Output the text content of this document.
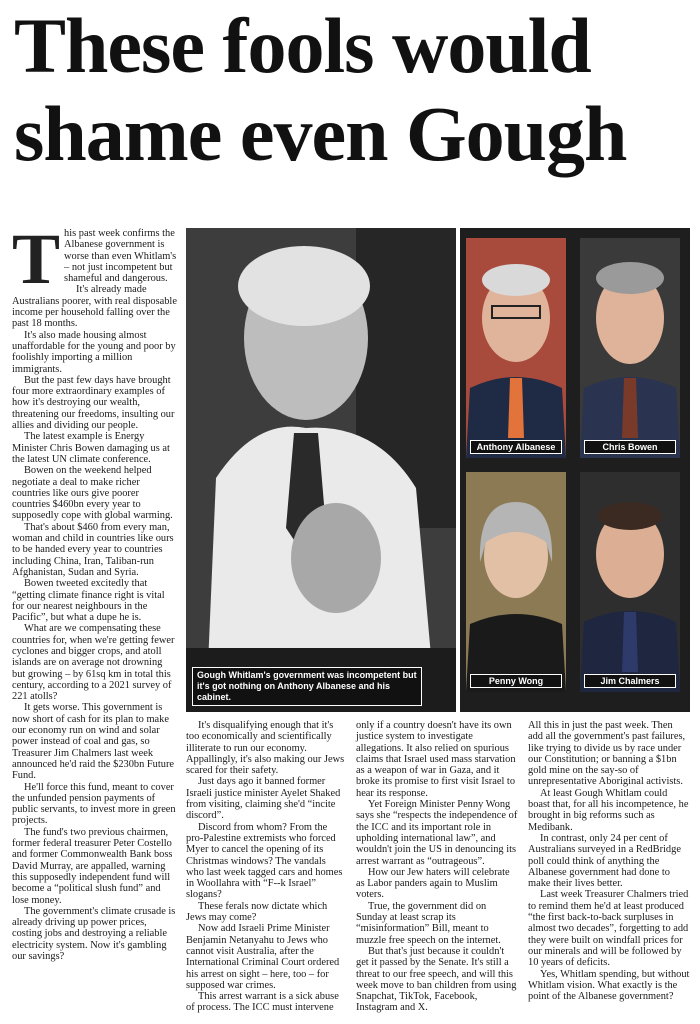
These fools would shame even Gough
T his past week confirms the Albanese government is worse than even Whitlam's – not just incompetent but shameful and dangerous.

It's already made Australians poorer, with real disposable income per household falling over the past 18 months.

It's also made housing almost unaffordable for the young and poor by foolishly importing a million immigrants.

But the past few days have brought four more extraordinary examples of how it's destroying our wealth, threatening our freedoms, insulting our allies and dividing our people.

The latest example is Energy Minister Chris Bowen damaging us at the latest UN climate conference.

Bowen on the weekend helped negotiate a deal to make richer countries like ours give poorer countries $460bn every year to supposedly cope with global warming.

That's about $460 from every man, woman and child in countries like ours to be handed every year to countries including China, Iran, Taliban-run Afghanistan, Sudan and Syria.

Bowen tweeted excitedly that “getting climate finance right is vital for our nearest neighbours in the Pacific”, but what a dupe he is.

What are we compensating these countries for, when we're getting fewer cyclones and bigger crops, and atoll islands are on average not drowning but growing – by 61sq km in total this century, according to a 2021 survey of 221 atolls?

It gets worse. This government is now short of cash for its plan to make our economy run on wind and solar power instead of coal and gas, so Treasurer Jim Chalmers last week announced he'd raid the $230bn Future Fund.

He'll force this fund, meant to cover the unfunded pension payments of public servants, to invest more in green projects.

The fund's two previous chairmen, former federal treasurer Peter Costello and former Commonwealth Bank boss David Murray, are appalled, warning this supposedly independent fund will become a “political slush fund” and lose money.

The government's climate crusade is already driving up power prices, costing jobs and destroying a reliable electricity system. Now it's gambling our savings?

Gough Whitlam's government was incompetent but it's got nothing on Anthony Albanese and his cabinet.
Anthony Albanese	Chris Bowen
Penny Wong	Jim Chalmers

It's disqualifying enough that it's too economically and scientifically illiterate to run our economy. Appallingly, it's also making our Jews scared for their safety.

Just days ago it banned former Israeli justice minister Ayelet Shaked from visiting, claiming she'd “incite discord”.

Discord from whom? From the pro-Palestine extremists who forced Myer to cancel the opening of its Christmas windows? The vandals who last week tagged cars and homes in Woollahra with “F--k Israel” slogans?

These ferals now dictate which Jews may come?

Now add Israeli Prime Minister Benjamin Netanyahu to Jews who cannot visit Australia, after the International Criminal Court ordered his arrest on sight – here, too – for supposed war crimes.

This arrest warrant is a sick abuse of process. The ICC must intervene

only if a country doesn't have its own justice system to investigate allegations. It also relied on spurious claims that Israel used mass starvation as a weapon of war in Gaza, and it broke its promise to first visit Israel to hear its response.

Yet Foreign Minister Penny Wong says she “respects the independence of the ICC and its important role in upholding international law”, and wouldn't join the US in denouncing its arrest warrant as “outrageous”.

How our Jew haters will celebrate as Labor panders again to Muslim voters.

True, the government did on Sunday at least scrap its “misinformation” Bill, meant to muzzle free speech on the internet.

But that's just because it couldn't get it passed by the Senate. It's still a threat to our free speech, and will this week move to ban children from using Snapchat, TikTok, Facebook, Instagram and X.

All this in just the past week. Then add all the government's past failures, like trying to divide us by race under our Constitution; or banning a $1bn gold mine on the say-so of unrepresentative Aboriginal activists.

At least Gough Whitlam could boast that, for all his incompetence, he brought in big reforms such as Medibank.

In contrast, only 24 per cent of Australians surveyed in a RedBridge poll could think of anything the Albanese government had done to make their lives better.

Last week Treasurer Chalmers tried to remind them he'd at least produced “the first back-to-back surpluses in almost two decades”, forgetting to add they were built on windfall prices for our minerals and will be followed by 10 years of deficits.

Yes, Whitlam spending, but without Whitlam vision. What exactly is the point of the Albanese government?
